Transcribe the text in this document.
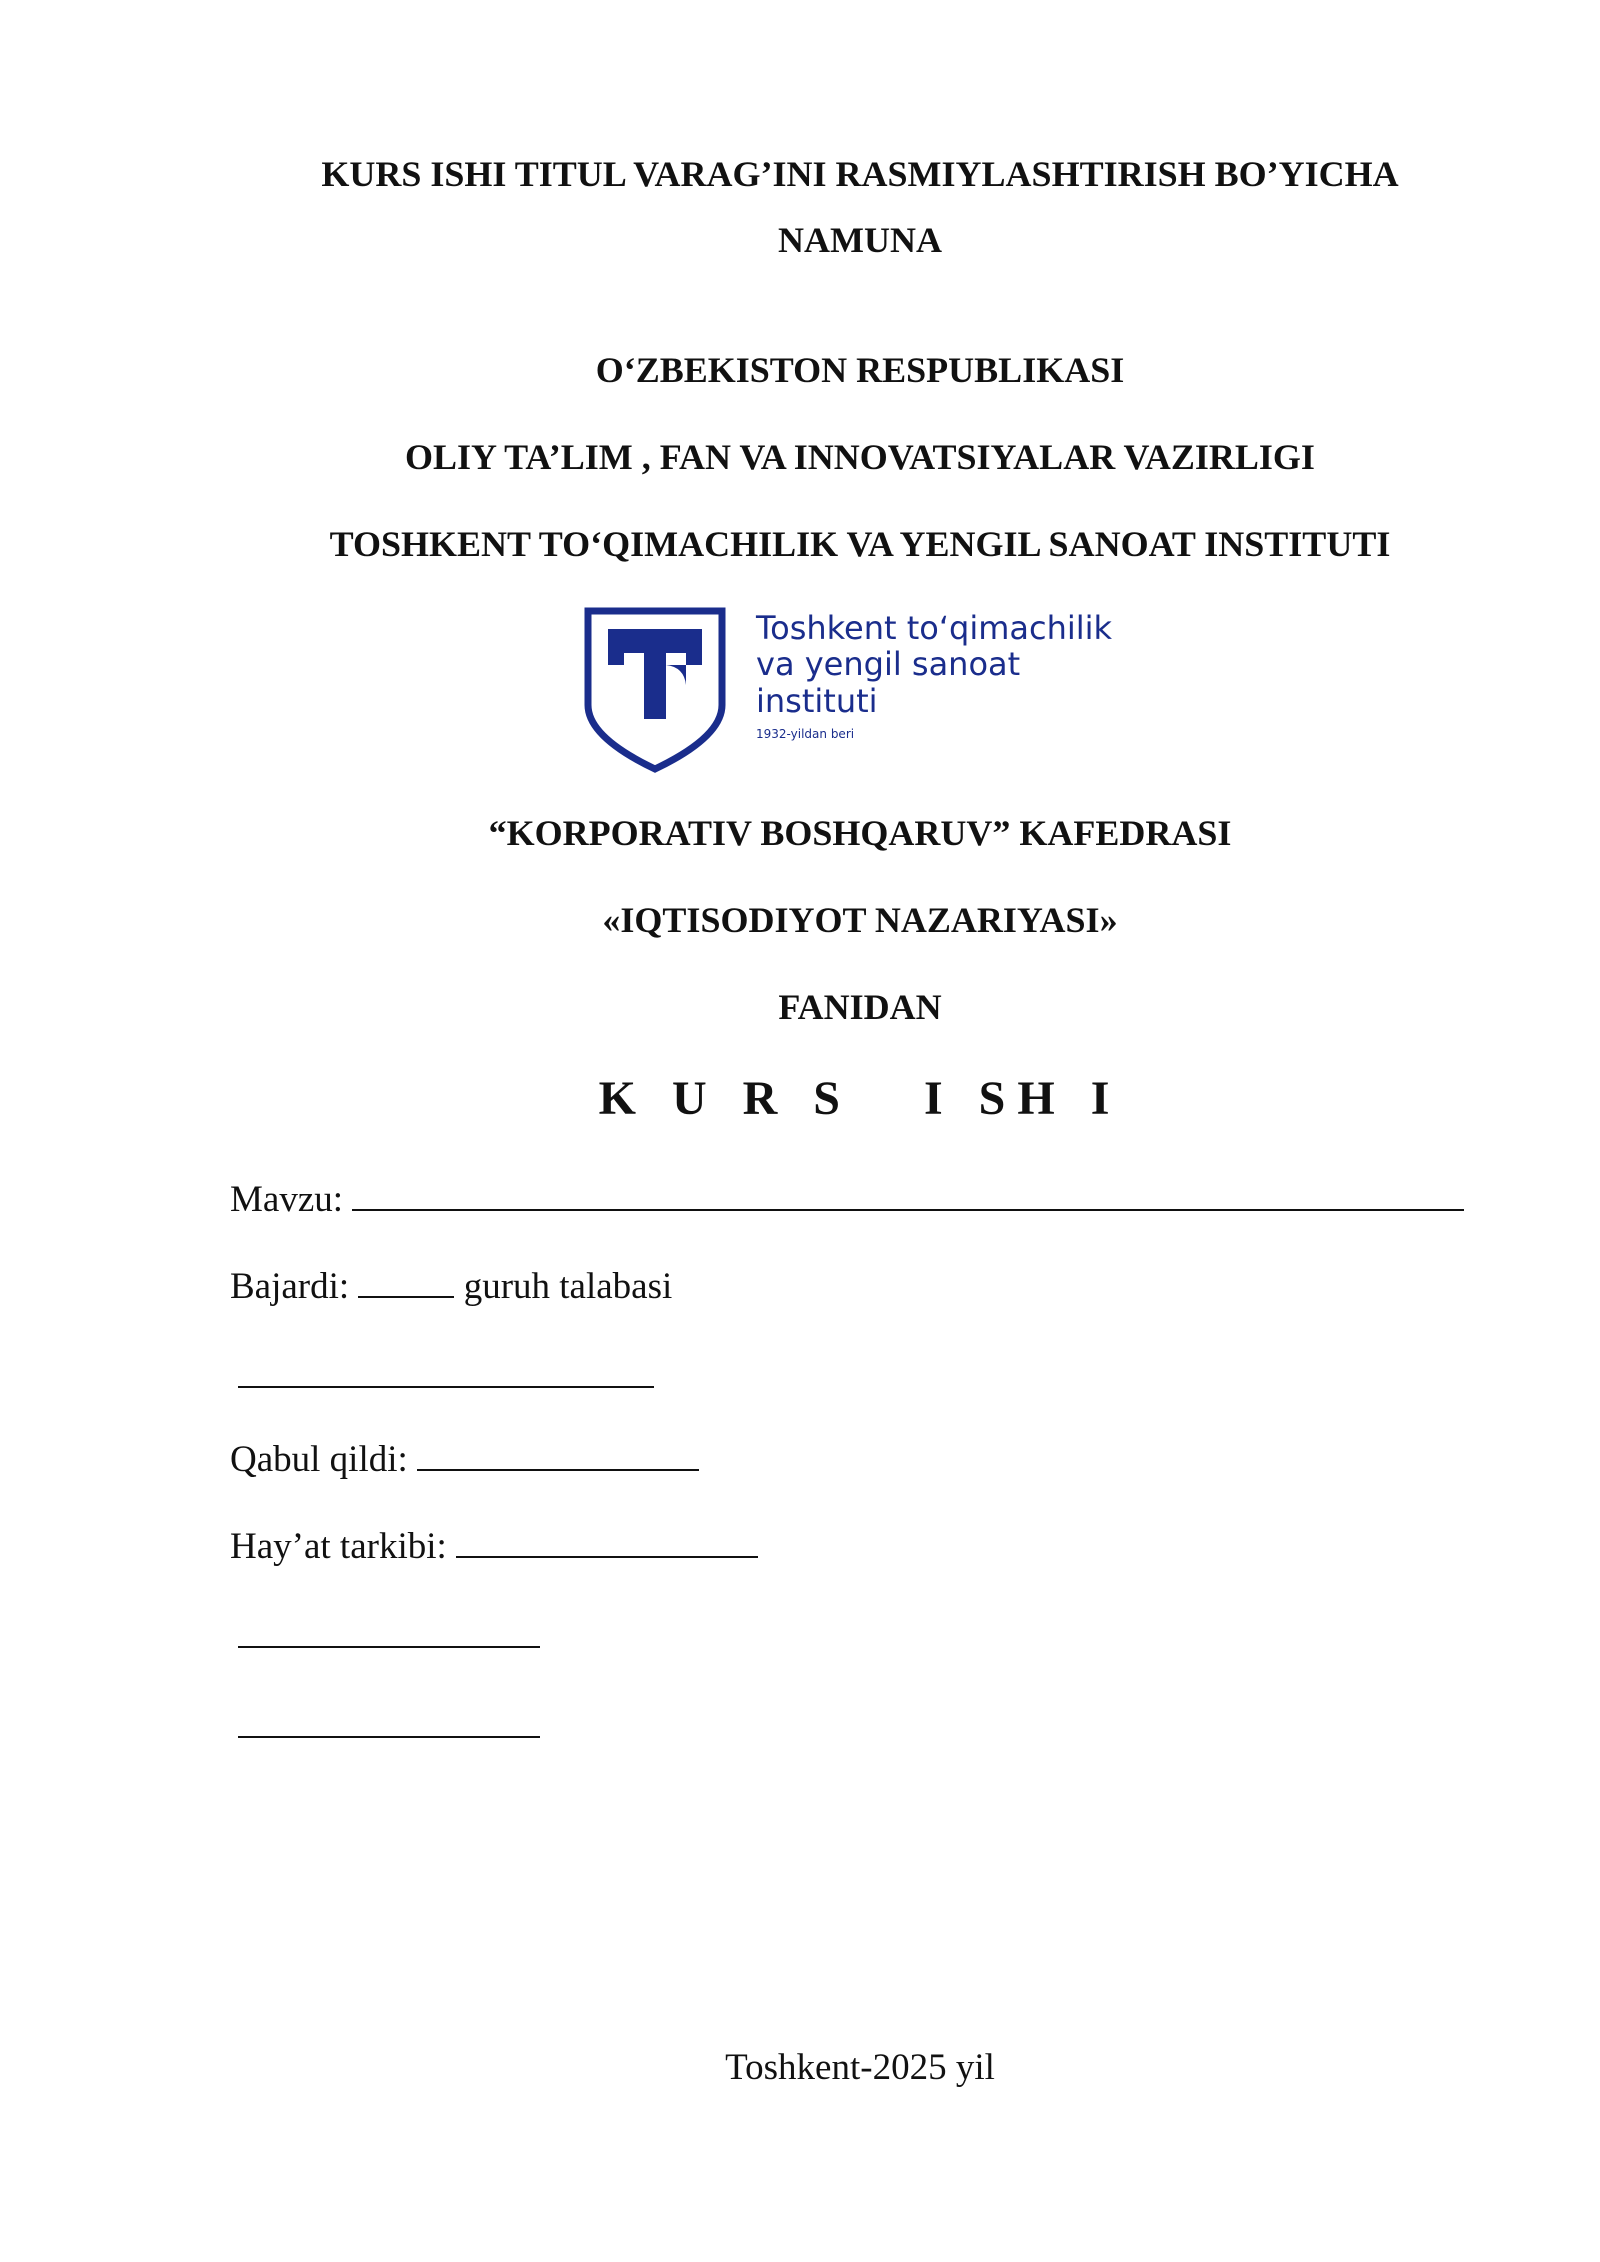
KURS ISHI TITUL VARAG’INI RASMIYLASHTIRISH BO’YICHA
NAMUNA
O‘ZBEKISTON RESPUBLIKASI
OLIY TA’LIM , FAN VA INNOVATSIYALAR VAZIRLIGI
TOSHKENT TO‘QIMACHILIK VA YENGIL SANOAT INSTITUTI
Toshkent to‘qimachilik
va yengil sanoat
instituti
1932-yildan beri
“KORPORATIV BOSHQARUV” KAFEDRASI
«IQTISODIYOT NAZARIYASI»
FANIDAN
K U R S   I SH I
Mavzu:
Bajardi:	guruh talabasi
Qabul qildi:
Hay’at tarkibi:
Toshkent-2025 yil
